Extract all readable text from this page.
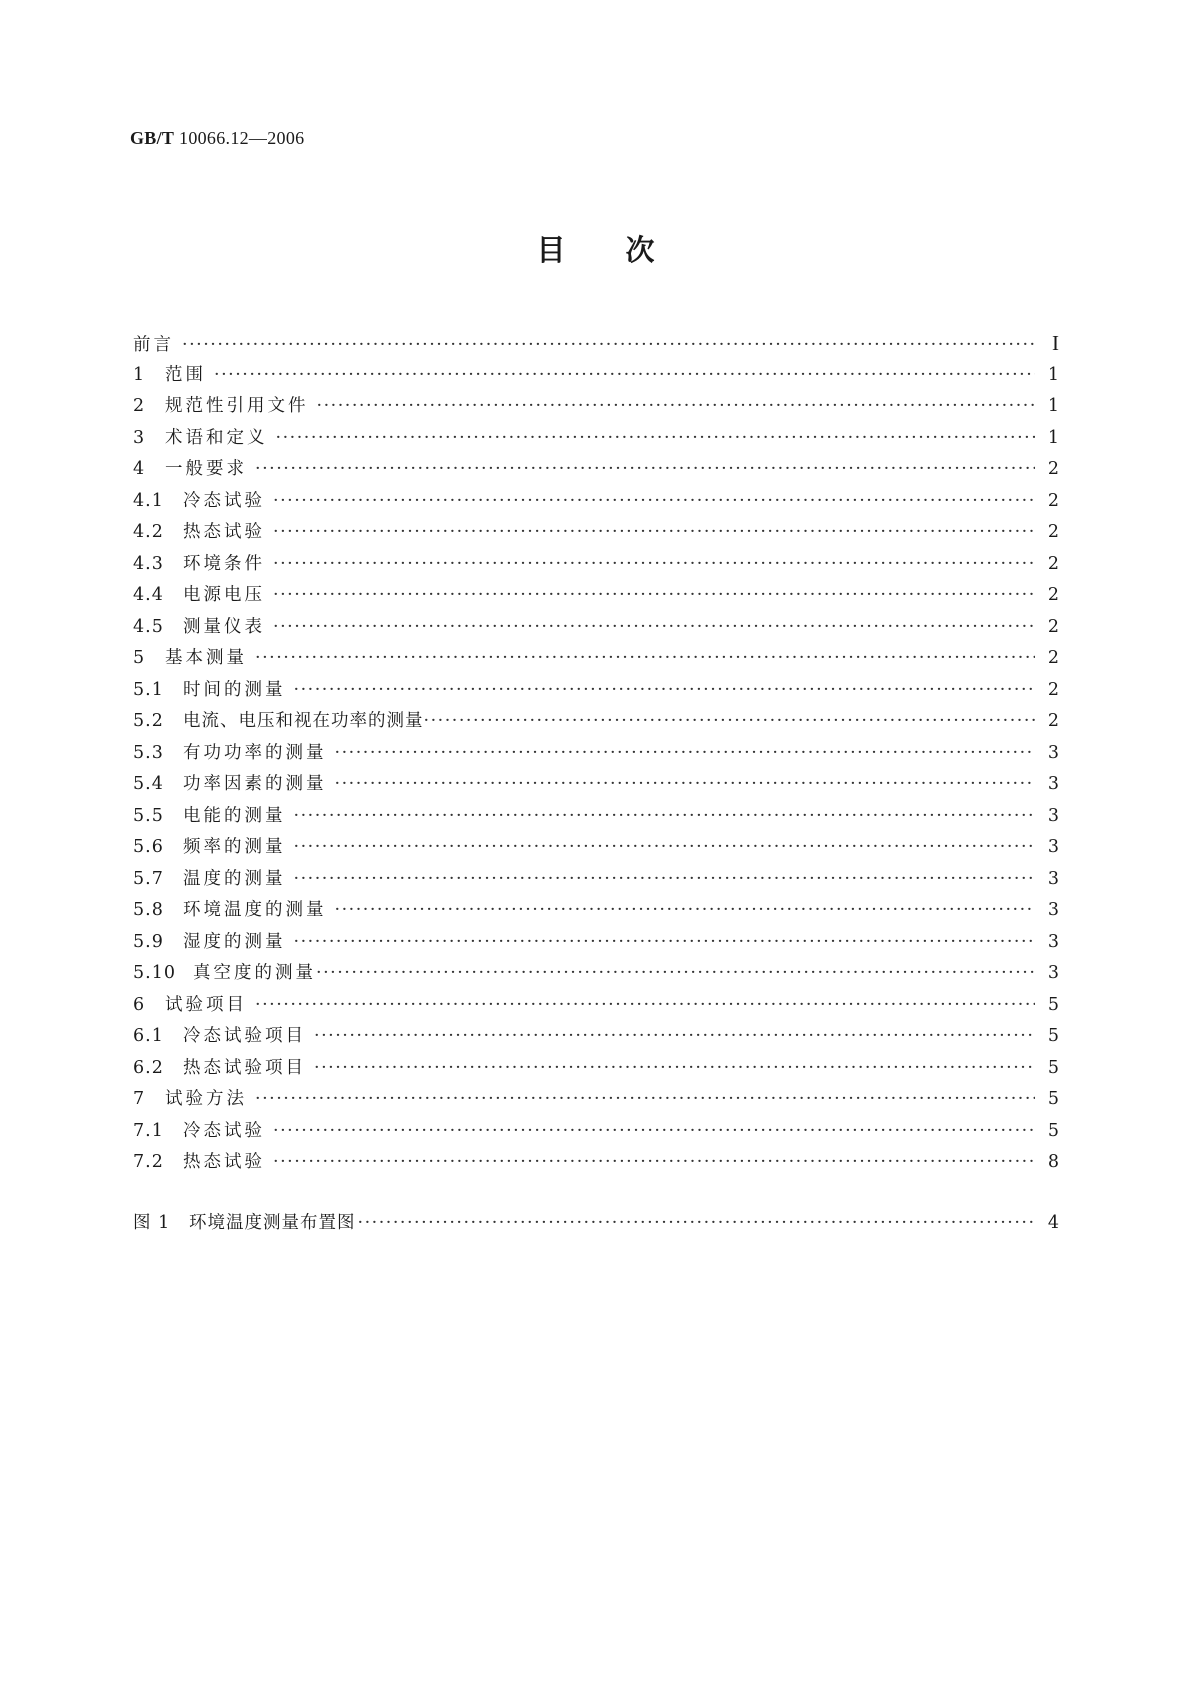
GB/T 10066.12—2006
目次
前言 ·····	I
1	范围 ·····	1
2	规范性引用文件 ·····	1
3	术语和定义 ·····	1
4	一般要求 ·····	2
4.1	冷态试验 ·····	2
4.2	热态试验 ·····	2
4.3	环境条件 ·····	2
4.4	电源电压 ·····	2
4.5	测量仪表 ·····	2
5	基本测量 ·····	2
5.1	时间的测量 ·····	2
5.2	电流、电压和视在功率的测量 ·····	2
5.3	有功功率的测量 ·····	3
5.4	功率因素的测量 ·····	3
5.5	电能的测量 ·····	3
5.6	频率的测量 ·····	3
5.7	温度的测量 ·····	3
5.8	环境温度的测量 ·····	3
5.9	湿度的测量 ·····	3
5.10 真空度的测量 ·····	3
6	试验项目 ·····	5
6.1	冷态试验项目 ·····	5
6.2	热态试验项目 ·····	5
7	试验方法 ·····	5
7.1	冷态试验 ·····	5
7.2	热态试验 ·····	8
图 1	环境温度测量布置图 ·····	4
